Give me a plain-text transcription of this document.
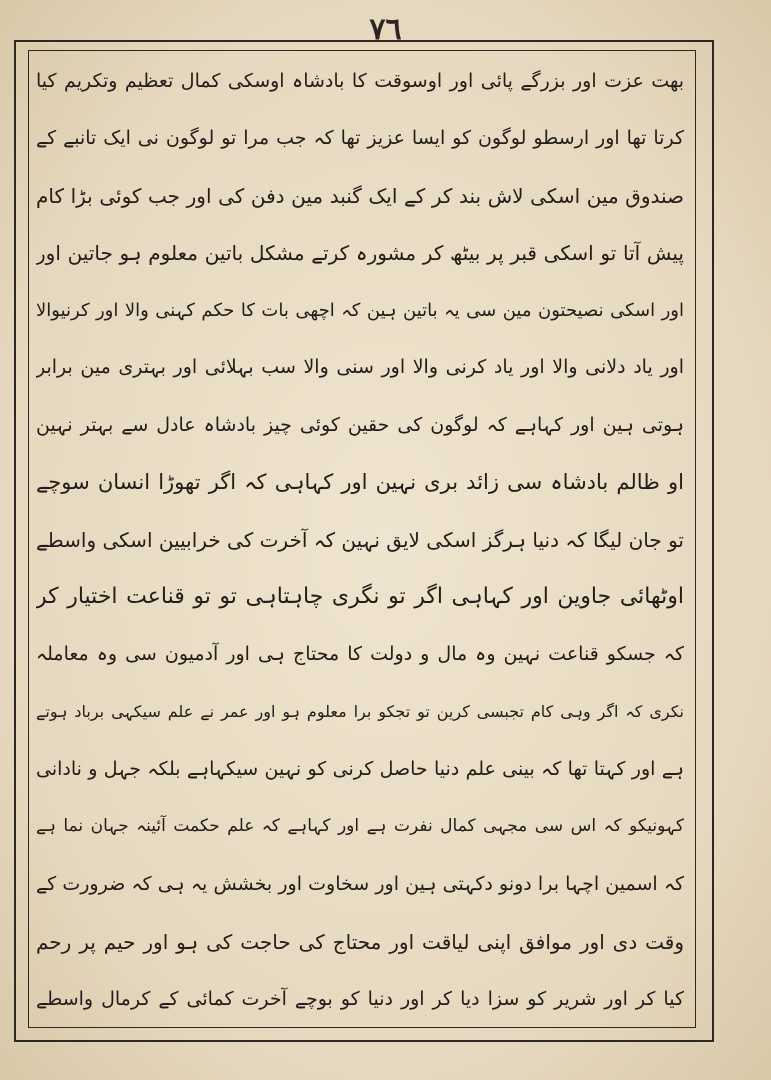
٧٦
بهت عزت اور بزرگے پائی اور اوسوقت کا بادشاہ اوسکی کمال تعظیم وتکریم کیا
کرتا تھا اور ارسطو لوگون کو ایسا عزیز تھا کہ جب مرا تو لوگون نی ایک تانبے کے
صندوق مین اسکی لاش بند کر کے ایک گنبد مین دفن کی اور جب کوئی بڑا کام
پیش آتا تو اسکی قبر پر بیٹھ کر مشورہ کرتے مشکل باتین معلوم ہو جاتین اور
اور اسکی نصیحتون مین سی یہ باتین ہین کہ اچھی بات کا حکم کہنی والا اور کرنیوالا
اور یاد دلانی والا اور یاد کرنی والا اور سنی والا سب بہلائی اور بہتری مین برابر
ہوتی ہین اور کہاہے کہ لوگون کی حقین کوئی چیز بادشاہ عادل سے بہتر نہین
او ظالم بادشاہ سی زائد بری نہین اور کہاہی کہ اگر تھوڑا انسان سوچے
تو جان لیگا کہ دنیا ہرگز اسکی لایق نہین کہ آخرت کی خرابیین اسکی واسطے
اوٹھائی جاوین اور کہاہی اگر تو نگری چاہتاہی تو تو قناعت اختیار کر
کہ جسکو قناعت نہین وہ مال و دولت کا محتاج ہی اور آدمیون سی وہ معاملہ
نکری کہ اگر وہی کام تجبسی کرین تو تجکو برا معلوم ہو اور عمر نے علم سیکہی برباد ہوتے
ہے اور کہتا تھا کہ بینی علم دنیا حاصل کرنی کو نہین سیکہاہے بلکہ جہل و نادانی
کہونیکو کہ اس سی مجہی کمال نفرت ہے اور کہاہے کہ علم حکمت آئینہ جہان نما ہے
کہ اسمین اچہا برا دونو دکہتی ہین اور سخاوت اور بخشش یہ ہی کہ ضرورت کے
وقت دی اور موافق اپنی لیاقت اور محتاج کی حاجت کی ہو اور حیم پر رحم
کیا کر اور شریر کو سزا دیا کر اور دنیا کو بوچے آخرت کمائی کے کرمال واسطے
